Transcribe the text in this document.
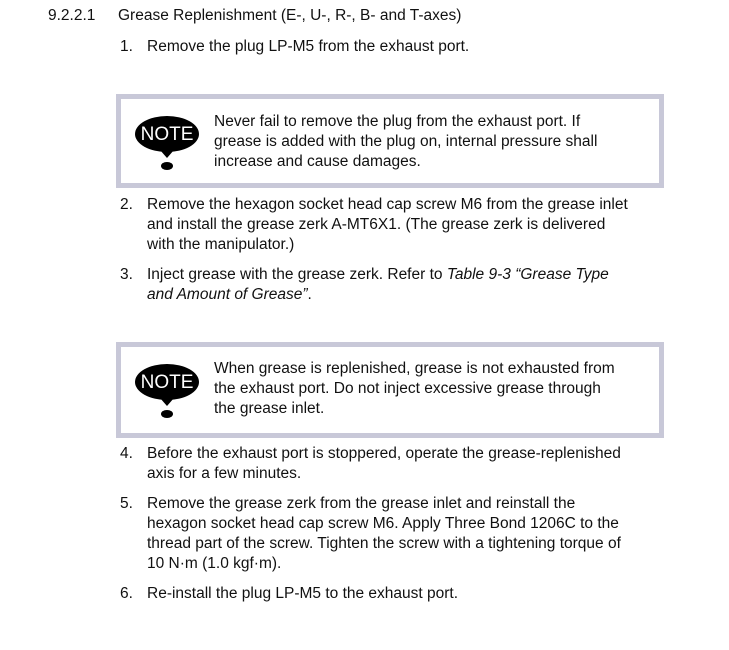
9.2.2.1 Grease Replenishment (E-, U-, R-, B- and T-axes)
1. Remove the plug LP-M5 from the exhaust port.
NOTE
Never fail to remove the plug from the exhaust port. If
grease is added with the plug on, internal pressure shall
increase and cause damages.
2. Remove the hexagon socket head cap screw M6 from the grease inlet
and install the grease zerk A-MT6X1. (The grease zerk is delivered
with the manipulator.)
3. Inject grease with the grease zerk. Refer to Table 9-3 “Grease Type
and Amount of Grease”.
NOTE
When grease is replenished, grease is not exhausted from
the exhaust port. Do not inject excessive grease through
the grease inlet.
4. Before the exhaust port is stoppered, operate the grease-replenished
axis for a few minutes.
5. Remove the grease zerk from the grease inlet and reinstall the
hexagon socket head cap screw M6. Apply Three Bond 1206C to the
thread part of the screw. Tighten the screw with a tightening torque of
10 N·m (1.0 kgf·m).
6. Re-install the plug LP-M5 to the exhaust port.
